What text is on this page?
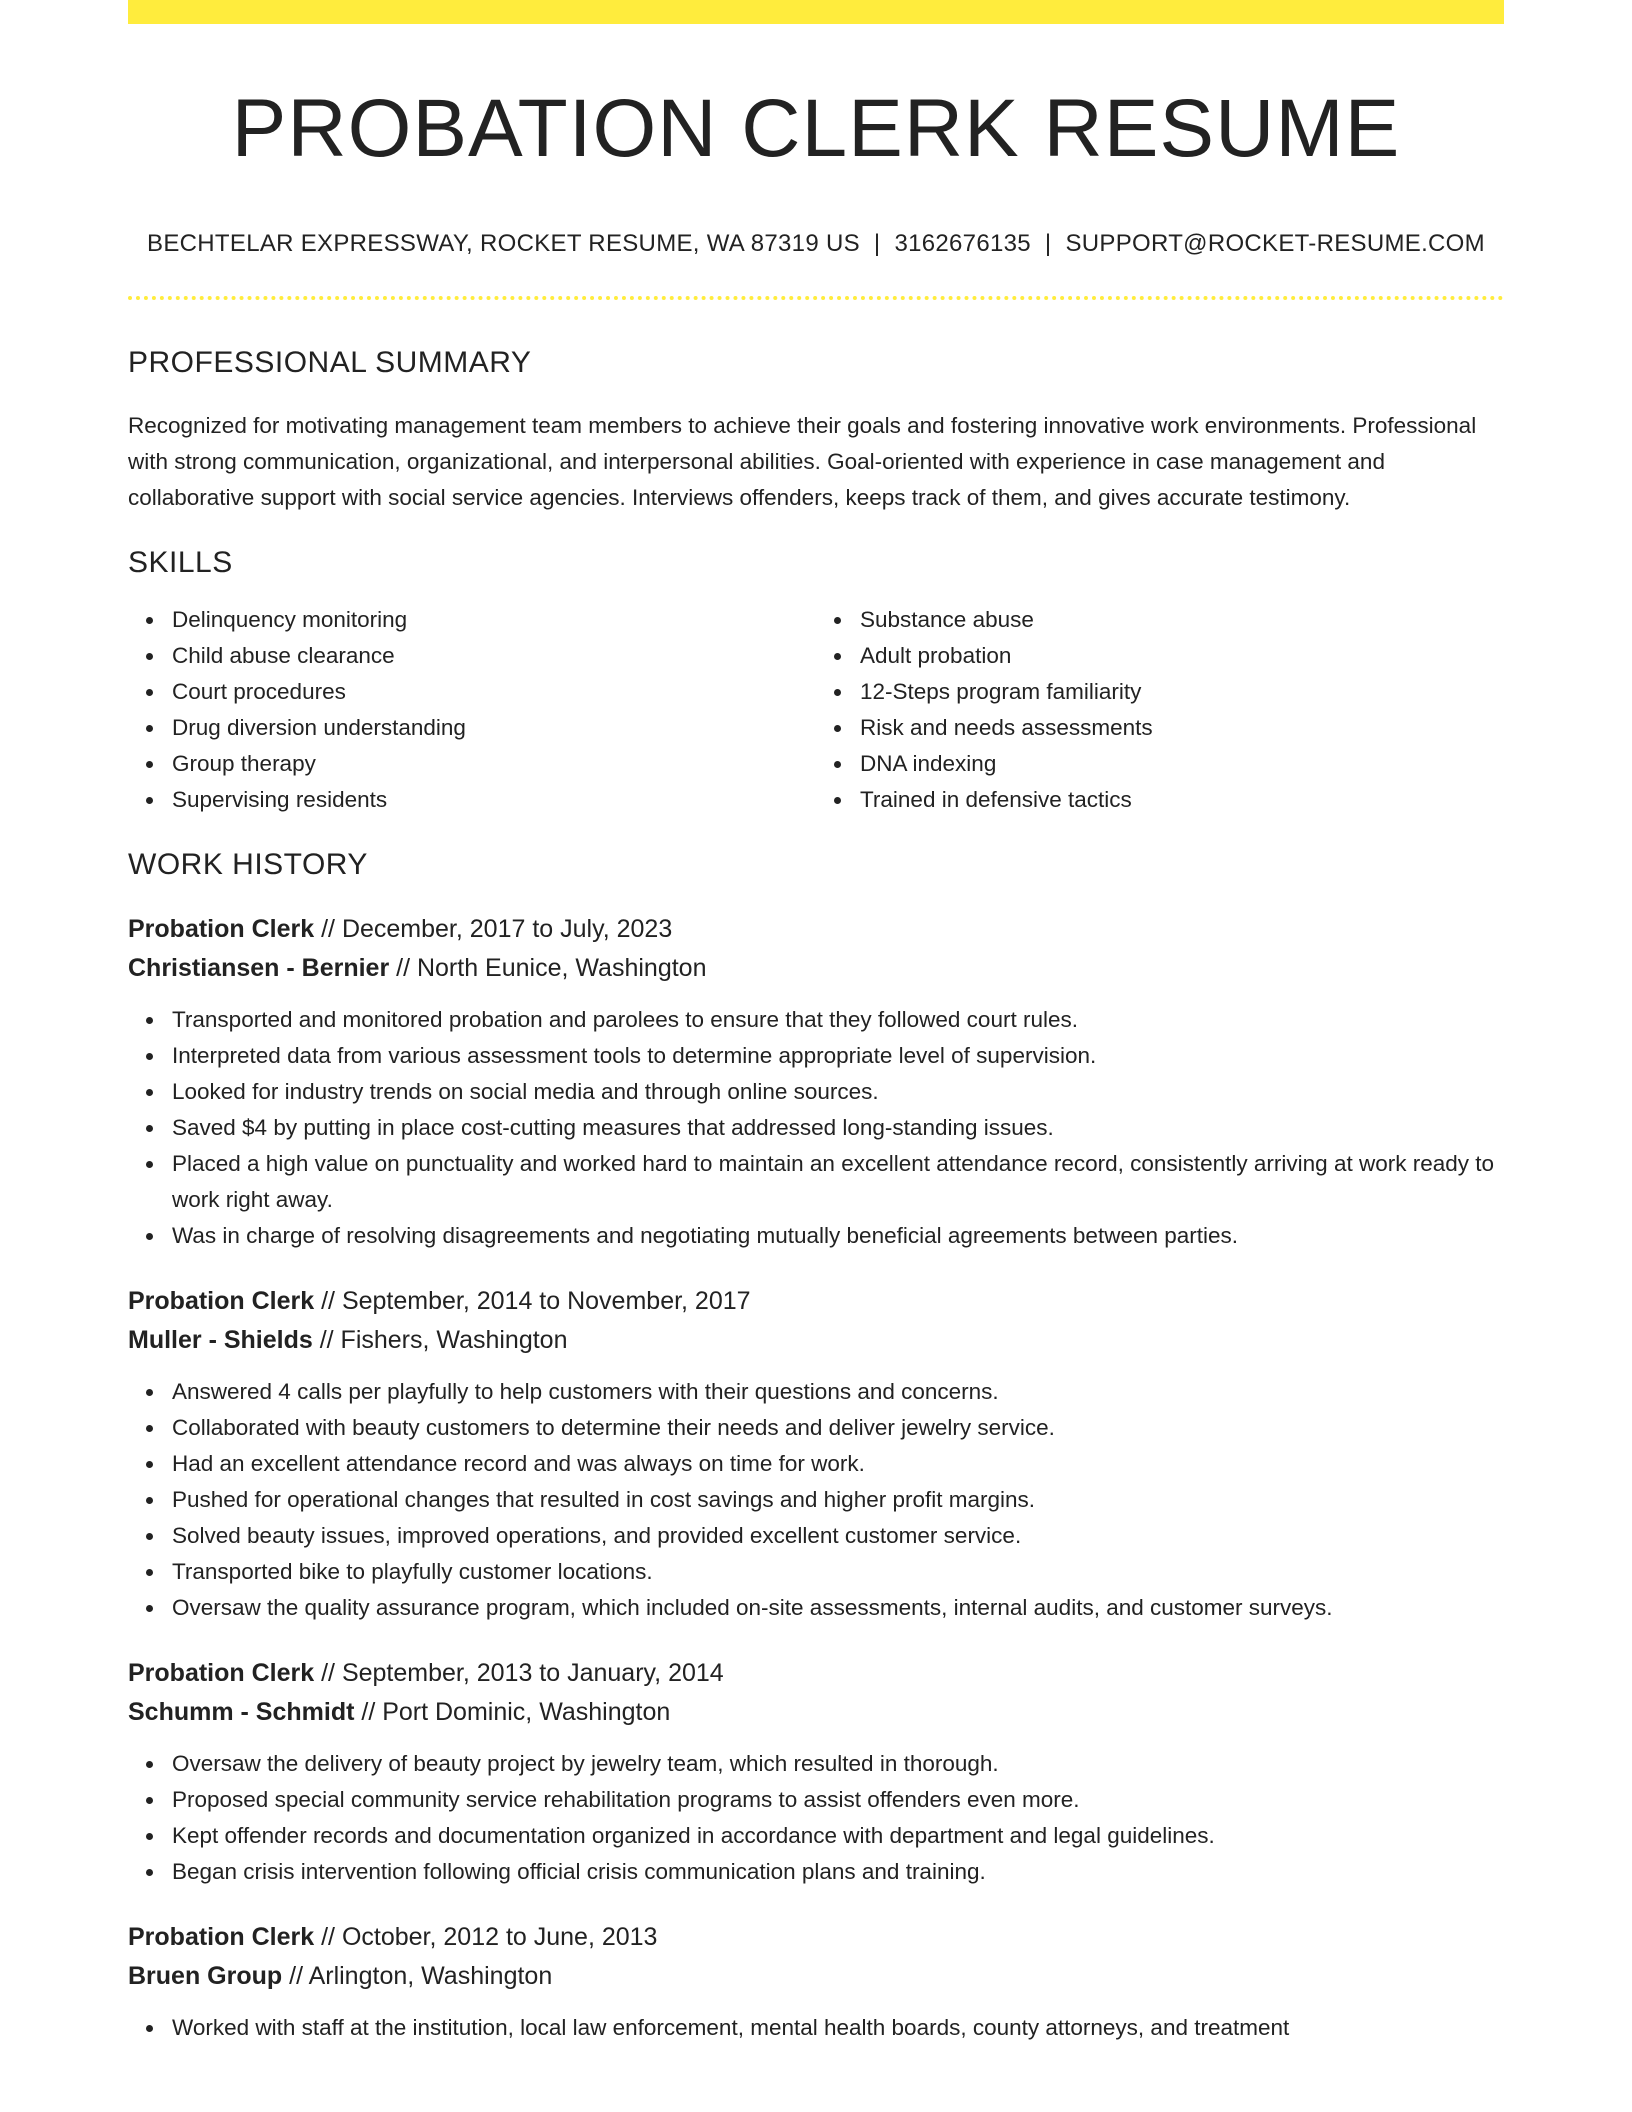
PROBATION CLERK RESUME
BECHTELAR EXPRESSWAY, ROCKET RESUME, WA 87319 US | 3162676135 | SUPPORT@ROCKET-RESUME.COM
PROFESSIONAL SUMMARY

Recognized for motivating management team members to achieve their goals and fostering innovative work environments. Professional with strong communication, organizational, and interpersonal abilities. Goal-oriented with experience in case management and collaborative support with social service agencies. Interviews offenders, keeps track of them, and gives accurate testimony.

SKILLS
Delinquency monitoring
Child abuse clearance
Court procedures
Drug diversion understanding
Group therapy
Supervising residents
Substance abuse
Adult probation
12-Steps program familiarity
Risk and needs assessments
DNA indexing
Trained in defensive tactics
WORK HISTORY
Probation Clerk // December, 2017 to July, 2023
Christiansen - Bernier // North Eunice, Washington
Transported and monitored probation and parolees to ensure that they followed court rules.
Interpreted data from various assessment tools to determine appropriate level of supervision.
Looked for industry trends on social media and through online sources.
Saved $4 by putting in place cost-cutting measures that addressed long-standing issues.
Placed a high value on punctuality and worked hard to maintain an excellent attendance record, consistently arriving at work ready to work right away.
Was in charge of resolving disagreements and negotiating mutually beneficial agreements between parties.
Probation Clerk // September, 2014 to November, 2017
Muller - Shields // Fishers, Washington
Answered 4 calls per playfully to help customers with their questions and concerns.
Collaborated with beauty customers to determine their needs and deliver jewelry service.
Had an excellent attendance record and was always on time for work.
Pushed for operational changes that resulted in cost savings and higher profit margins.
Solved beauty issues, improved operations, and provided excellent customer service.
Transported bike to playfully customer locations.
Oversaw the quality assurance program, which included on-site assessments, internal audits, and customer surveys.
Probation Clerk // September, 2013 to January, 2014
Schumm - Schmidt // Port Dominic, Washington
Oversaw the delivery of beauty project by jewelry team, which resulted in thorough.
Proposed special community service rehabilitation programs to assist offenders even more.
Kept offender records and documentation organized in accordance with department and legal guidelines.
Began crisis intervention following official crisis communication plans and training.
Probation Clerk // October, 2012 to June, 2013
Bruen Group // Arlington, Washington
Worked with staff at the institution, local law enforcement, mental health boards, county attorneys, and treatment
